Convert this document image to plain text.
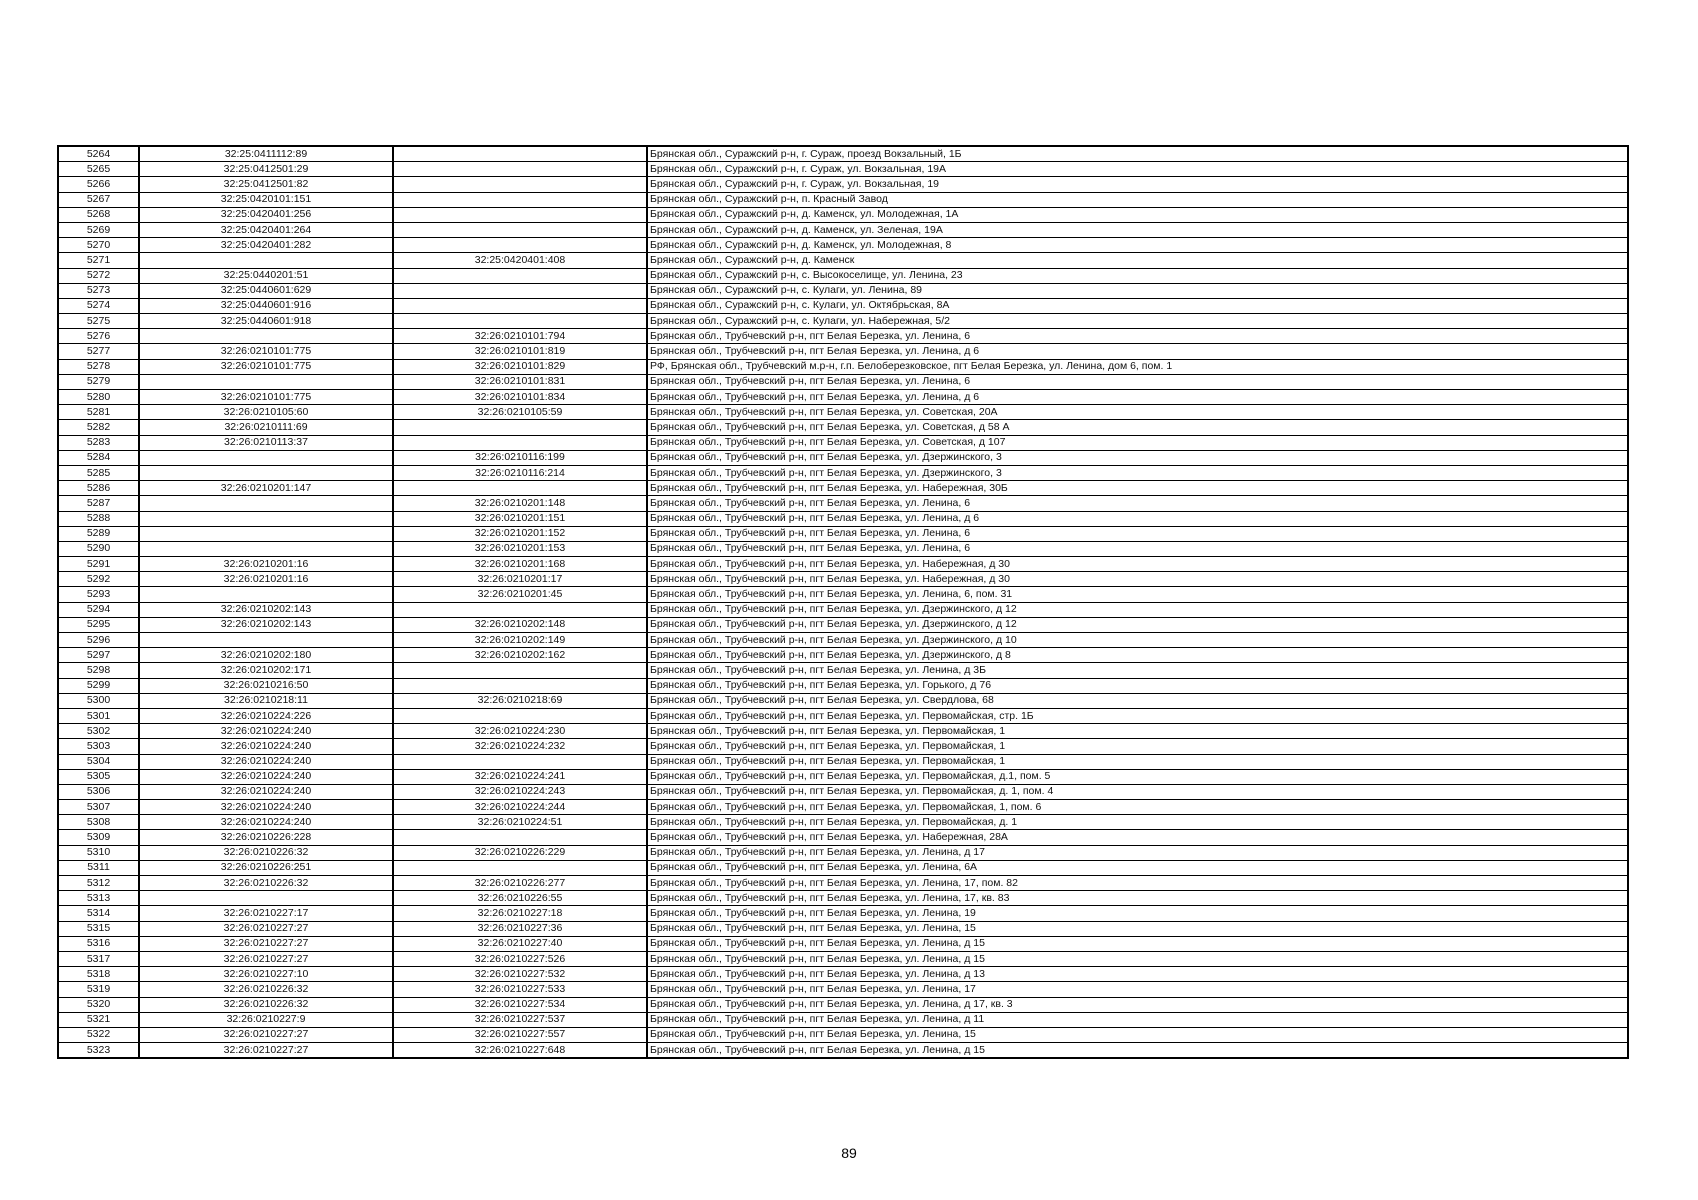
5264	32:25:0411112:89		Брянская обл., Суражский р-н, г. Сураж, проезд Вокзальный, 1Б
5265	32:25:0412501:29		Брянская обл., Суражский р-н, г. Сураж, ул. Вокзальная, 19А
5266	32:25:0412501:82		Брянская обл., Суражский р-н, г. Сураж, ул. Вокзальная, 19
5267	32:25:0420101:151		Брянская обл., Суражский р-н, п. Красный Завод
5268	32:25:0420401:256		Брянская обл., Суражский р-н, д. Каменск, ул. Молодежная, 1А
5269	32:25:0420401:264		Брянская обл., Суражский р-н, д. Каменск, ул. Зеленая, 19А
5270	32:25:0420401:282		Брянская обл., Суражский р-н, д. Каменск, ул. Молодежная, 8
5271		32:25:0420401:408	Брянская обл., Суражский р-н, д. Каменск
5272	32:25:0440201:51		Брянская обл., Суражский р-н, с. Высокоселище, ул. Ленина, 23
5273	32:25:0440601:629		Брянская обл., Суражский р-н, с. Кулаги, ул. Ленина, 89
5274	32:25:0440601:916		Брянская обл., Суражский р-н, с. Кулаги, ул. Октябрьская, 8А
5275	32:25:0440601:918		Брянская обл., Суражский р-н, с. Кулаги, ул. Набережная, 5/2
5276		32:26:0210101:794	Брянская обл., Трубчевский р-н, пгт Белая Березка, ул. Ленина, 6
5277	32:26:0210101:775	32:26:0210101:819	Брянская обл., Трубчевский р-н, пгт Белая Березка, ул. Ленина, д 6
5278	32:26:0210101:775	32:26:0210101:829	РФ, Брянская обл., Трубчевский м.р-н, г.п. Белоберезковское, пгт Белая Березка, ул. Ленина, дом 6, пом. 1
5279		32:26:0210101:831	Брянская обл., Трубчевский р-н, пгт Белая Березка, ул. Ленина, 6
5280	32:26:0210101:775	32:26:0210101:834	Брянская обл., Трубчевский р-н, пгт Белая Березка, ул. Ленина, д 6
5281	32:26:0210105:60	32:26:0210105:59	Брянская обл., Трубчевский р-н, пгт Белая Березка, ул. Советская, 20А
5282	32:26:0210111:69		Брянская обл., Трубчевский р-н, пгт Белая Березка, ул. Советская, д 58 А
5283	32:26:0210113:37		Брянская обл., Трубчевский р-н, пгт Белая Березка, ул. Советская, д 107
5284		32:26:0210116:199	Брянская обл., Трубчевский р-н, пгт Белая Березка, ул. Дзержинского, 3
5285		32:26:0210116:214	Брянская обл., Трубчевский р-н, пгт Белая Березка, ул. Дзержинского, 3
5286	32:26:0210201:147		Брянская обл., Трубчевский р-н, пгт Белая Березка, ул. Набережная, 30Б
5287		32:26:0210201:148	Брянская обл., Трубчевский р-н, пгт Белая Березка, ул. Ленина, 6
5288		32:26:0210201:151	Брянская обл., Трубчевский р-н, пгт Белая Березка, ул. Ленина, д 6
5289		32:26:0210201:152	Брянская обл., Трубчевский р-н, пгт Белая Березка, ул. Ленина, 6
5290		32:26:0210201:153	Брянская обл., Трубчевский р-н, пгт Белая Березка, ул. Ленина, 6
5291	32:26:0210201:16	32:26:0210201:168	Брянская обл., Трубчевский р-н, пгт Белая Березка, ул. Набережная, д 30
5292	32:26:0210201:16	32:26:0210201:17	Брянская обл., Трубчевский р-н, пгт Белая Березка, ул. Набережная, д 30
5293		32:26:0210201:45	Брянская обл., Трубчевский р-н, пгт Белая Березка, ул. Ленина, 6, пом. 31
5294	32:26:0210202:143		Брянская обл., Трубчевский р-н, пгт Белая Березка, ул. Дзержинского, д 12
5295	32:26:0210202:143	32:26:0210202:148	Брянская обл., Трубчевский р-н, пгт Белая Березка, ул. Дзержинского, д 12
5296		32:26:0210202:149	Брянская обл., Трубчевский р-н, пгт Белая Березка, ул. Дзержинского, д 10
5297	32:26:0210202:180	32:26:0210202:162	Брянская обл., Трубчевский р-н, пгт Белая Березка, ул. Дзержинского, д 8
5298	32:26:0210202:171		Брянская обл., Трубчевский р-н, пгт Белая Березка, ул. Ленина, д 3Б
5299	32:26:0210216:50		Брянская обл., Трубчевский р-н, пгт Белая Березка, ул. Горького, д 76
5300	32:26:0210218:11	32:26:0210218:69	Брянская обл., Трубчевский р-н, пгт Белая Березка, ул. Свердлова, 68
5301	32:26:0210224:226		Брянская обл., Трубчевский р-н, пгт Белая Березка, ул. Первомайская, стр. 1Б
5302	32:26:0210224:240	32:26:0210224:230	Брянская обл., Трубчевский р-н, пгт Белая Березка, ул. Первомайская, 1
5303	32:26:0210224:240	32:26:0210224:232	Брянская обл., Трубчевский р-н, пгт Белая Березка, ул. Первомайская, 1
5304	32:26:0210224:240		Брянская обл., Трубчевский р-н, пгт Белая Березка, ул. Первомайская, 1
5305	32:26:0210224:240	32:26:0210224:241	Брянская обл., Трубчевский р-н, пгт Белая Березка, ул. Первомайская, д.1, пом. 5
5306	32:26:0210224:240	32:26:0210224:243	Брянская обл., Трубчевский р-н, пгт Белая Березка, ул. Первомайская, д. 1, пом. 4
5307	32:26:0210224:240	32:26:0210224:244	Брянская обл., Трубчевский р-н, пгт Белая Березка, ул. Первомайская, 1, пом. 6
5308	32:26:0210224:240	32:26:0210224:51	Брянская обл., Трубчевский р-н, пгт Белая Березка, ул. Первомайская, д. 1
5309	32:26:0210226:228		Брянская обл., Трубчевский р-н, пгт Белая Березка, ул. Набережная, 28А
5310	32:26:0210226:32	32:26:0210226:229	Брянская обл., Трубчевский р-н, пгт Белая Березка, ул. Ленина, д 17
5311	32:26:0210226:251		Брянская обл., Трубчевский р-н, пгт Белая Березка, ул. Ленина, 6А
5312	32:26:0210226:32	32:26:0210226:277	Брянская обл., Трубчевский р-н, пгт Белая Березка, ул. Ленина, 17, пом. 82
5313		32:26:0210226:55	Брянская обл., Трубчевский р-н, пгт Белая Березка, ул. Ленина, 17, кв. 83
5314	32:26:0210227:17	32:26:0210227:18	Брянская обл., Трубчевский р-н, пгт Белая Березка, ул. Ленина, 19
5315	32:26:0210227:27	32:26:0210227:36	Брянская обл., Трубчевский р-н, пгт Белая Березка, ул. Ленина, 15
5316	32:26:0210227:27	32:26:0210227:40	Брянская обл., Трубчевский р-н, пгт Белая Березка, ул. Ленина, д 15
5317	32:26:0210227:27	32:26:0210227:526	Брянская обл., Трубчевский р-н, пгт Белая Березка, ул. Ленина, д 15
5318	32:26:0210227:10	32:26:0210227:532	Брянская обл., Трубчевский р-н, пгт Белая Березка, ул. Ленина, д 13
5319	32:26:0210226:32	32:26:0210227:533	Брянская обл., Трубчевский р-н, пгт Белая Березка, ул. Ленина, 17
5320	32:26:0210226:32	32:26:0210227:534	Брянская обл., Трубчевский р-н, пгт Белая Березка, ул. Ленина, д 17, кв. 3
5321	32:26:0210227:9	32:26:0210227:537	Брянская обл., Трубчевский р-н, пгт Белая Березка, ул. Ленина, д 11
5322	32:26:0210227:27	32:26:0210227:557	Брянская обл., Трубчевский р-н, пгт Белая Березка, ул. Ленина, 15
5323	32:26:0210227:27	32:26:0210227:648	Брянская обл., Трубчевский р-н, пгт Белая Березка, ул. Ленина, д 15
89
